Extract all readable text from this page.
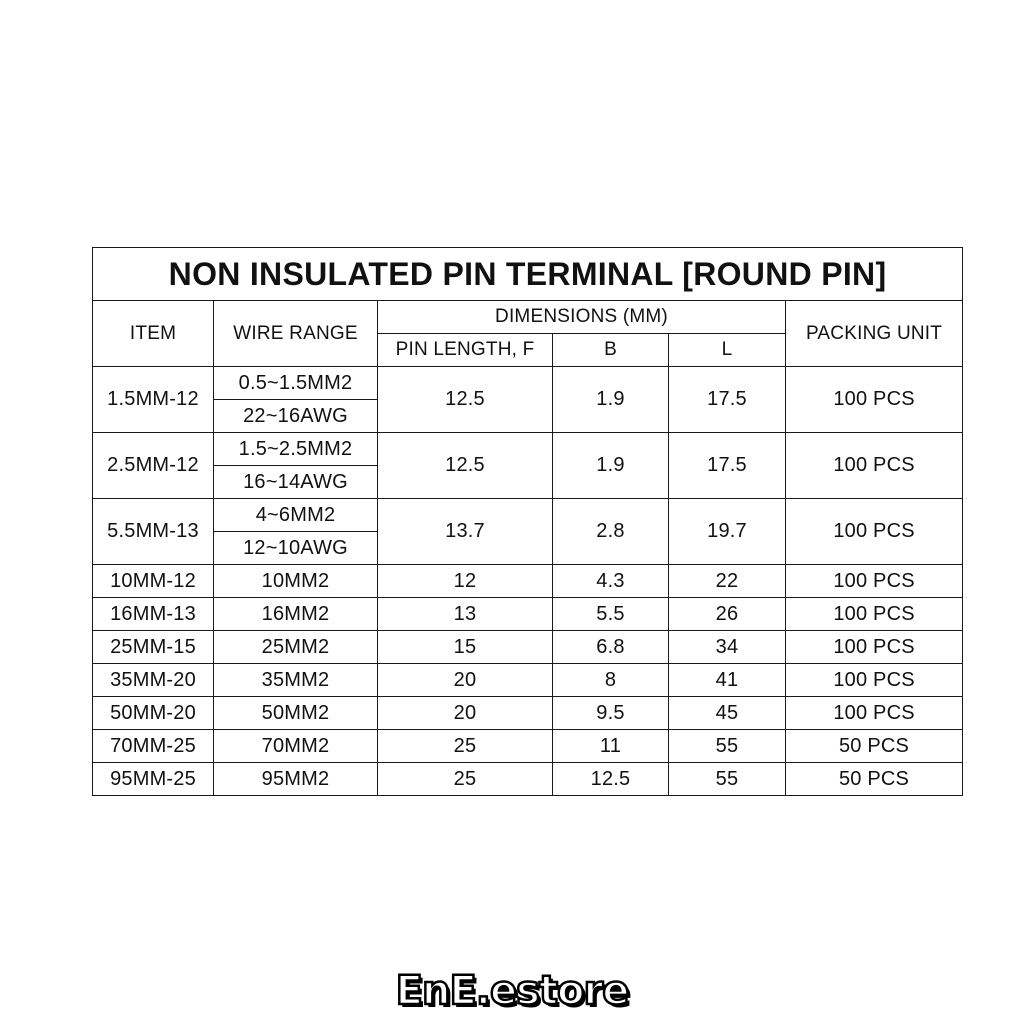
NON INSULATED PIN TERMINAL [ROUND PIN]					
ITEM	WIRE RANGE	DIMENSIONS (MM)			PACKING UNIT
		PIN LENGTH, F	B	L	
1.5MM-12	0.5~1.5MM2	12.5	1.9	17.5	100 PCS
	22~16AWG				
2.5MM-12	1.5~2.5MM2	12.5	1.9	17.5	100 PCS
	16~14AWG				
5.5MM-13	4~6MM2	13.7	2.8	19.7	100 PCS
	12~10AWG				
10MM-12	10MM2	12	4.3	22	100 PCS
16MM-13	16MM2	13	5.5	26	100 PCS
25MM-15	25MM2	15	6.8	34	100 PCS
35MM-20	35MM2	20	8	41	100 PCS
50MM-20	50MM2	20	9.5	45	100 PCS
70MM-25	70MM2	25	11	55	50 PCS
95MM-25	95MM2	25	12.5	55	50 PCS
EnE.estore
